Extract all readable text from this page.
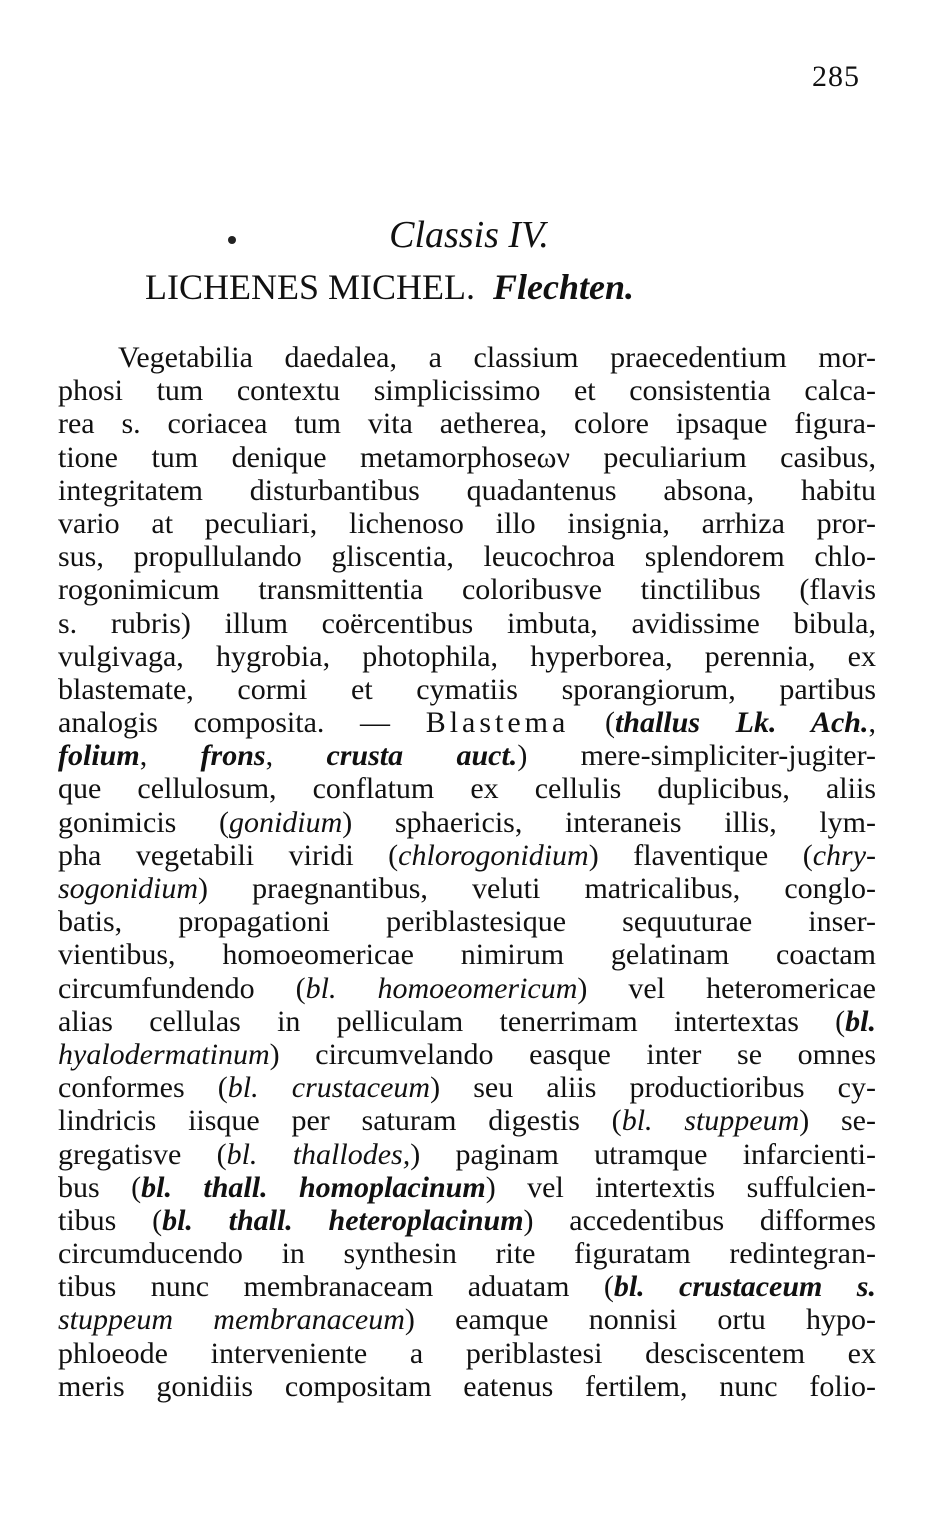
285
Classis IV.
LICHENES MICHEL. Flechten.
Vegetabilia daedalea, a classium praecedentium mor-
phosi tum contextu simplicissimo et consistentia calca-
rea s. coriacea tum vita aetherea, colore ipsaque figura-
tione tum denique metamorphoseων peculiarium casibus,
integritatem disturbantibus quadantenus absona, habitu
vario at peculiari, lichenoso illo insignia, arrhiza pror-
sus, propullulando gliscentia, leucochroa splendorem chlo-
rogonimicum transmittentia coloribusve tinctilibus (flavis
s. rubris) illum coërcentibus imbuta, avidissime bibula,
vulgivaga, hygrobia, photophila, hyperborea, perennia, ex
blastemate, cormi et cymatiis sporangiorum, partibus
analogis composita. — Blastema (thallus Lk. Ach.,
folium, frons, crusta auct.) mere-simpliciter-jugiter-
que cellulosum, conflatum ex cellulis duplicibus, aliis
gonimicis (gonidium) sphaericis, interaneis illis, lym-
pha vegetabili viridi (chlorogonidium) flaventique (chry-
sogonidium) praegnantibus, veluti matricalibus, conglo-
batis, propagationi periblastesique sequuturae inser-
vientibus, homoeomericae nimirum gelatinam coactam
circumfundendo (bl. homoeomericum) vel heteromericae
alias cellulas in pelliculam tenerrimam intertextas (bl.
hyalodermatinum) circumvelando easque inter se omnes
conformes (bl. crustaceum) seu aliis productioribus cy-
lindricis iisque per saturam digestis (bl. stuppeum) se-
gregatisve (bl. thallodes,) paginam utramque infarcienti-
bus (bl. thall. homoplacinum) vel intertextis suffulcien-
tibus (bl. thall. heteroplacinum) accedentibus difformes
circumducendo in synthesin rite figuratam redintegran-
tibus nunc membranaceam aduatam (bl. crustaceum s.
stuppeum membranaceum) eamque nonnisi ortu hypo-
phloeode interveniente a periblastesi desciscentem ex
meris gonidiis compositam eatenus fertilem, nunc folio-
